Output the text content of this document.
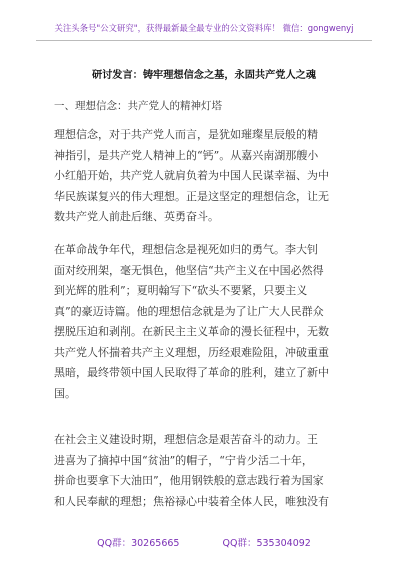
关注头条号"公文研究"，获得最新最全最专业的公文资料库！ 微信：gongwenyj
研讨发言：铸牢理想信念之基，永固共产党人之魂
一、理想信念：共产党人的精神灯塔
理想信念，对于共产党人而言，是犹如璀璨星辰般的精
神指引，是共产党人精神上的“钙”。从嘉兴南湖那艘小
小红船开始，共产党人就肩负着为中国人民谋幸福、为中
华民族谋复兴的伟大理想。正是这坚定的理想信念，让无
数共产党人前赴后继、英勇奋斗。
在革命战争年代，理想信念是视死如归的勇气。李大钊
面对绞刑架，毫无惧色，他坚信“共产主义在中国必然得
到光辉的胜利”；夏明翰写下“砍头不要紧，只要主义
真”的豪迈诗篇。他的理想信念就是为了让广大人民群众
摆脱压迫和剥削。在新民主主义革命的漫长征程中，无数
共产党人怀揣着共产主义理想，历经艰难险阻，冲破重重
黑暗，最终带领中国人民取得了革命的胜利，建立了新中
国。
在社会主义建设时期，理想信念是艰苦奋斗的动力。王
进喜为了摘掉中国“贫油”的帽子，“宁肯少活二十年，
拼命也要拿下大油田”，他用钢铁般的意志践行着为国家
和人民奉献的理想；焦裕禄心中装着全体人民，唯独没有
QQ群：30265665	QQ群：535304092
